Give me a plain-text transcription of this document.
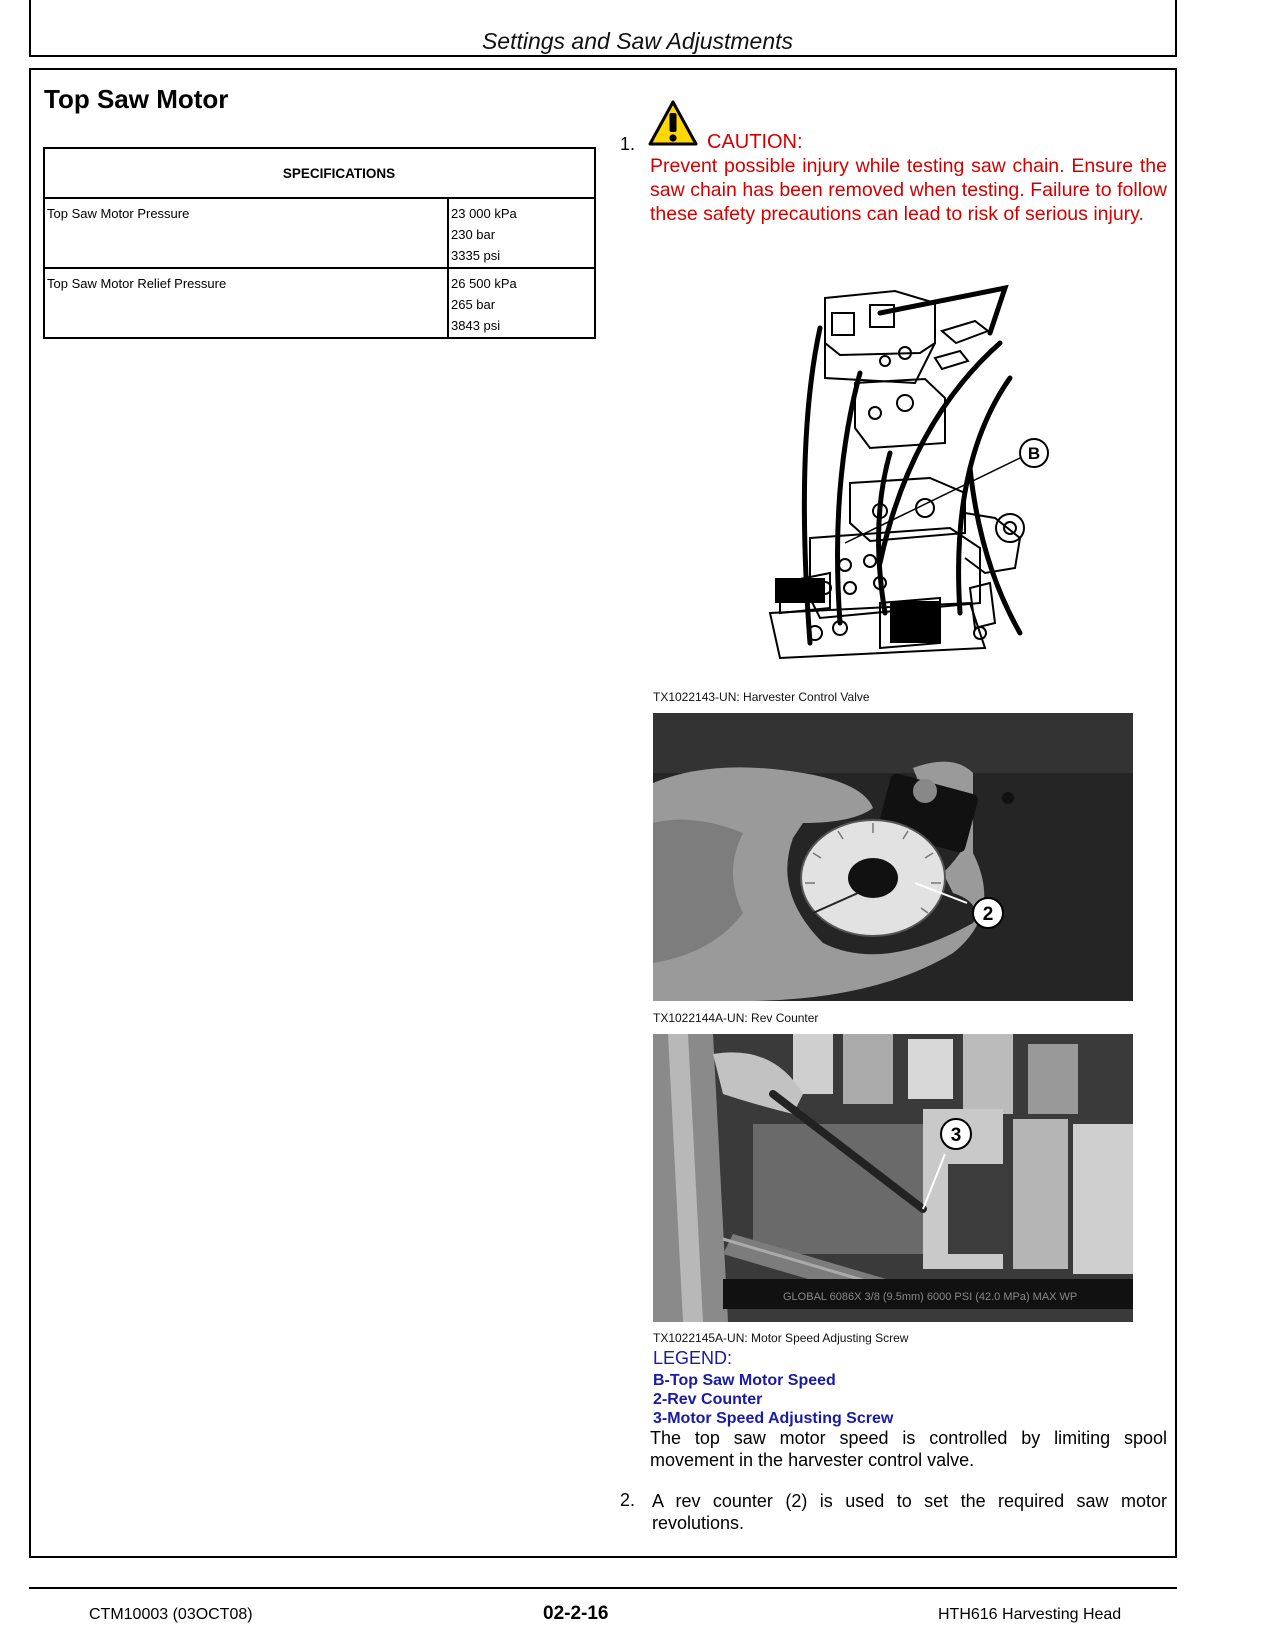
Settings and Saw Adjustments
Top Saw Motor
SPECIFICATIONS	
Top Saw Motor Pressure	23 000 kPa
230 bar
3335 psi

Top Saw Motor Relief Pressure	26 500 kPa
265 bar
3843 psi
1.	CAUTION:
Prevent possible injury while testing saw chain. Ensure the saw chain has been removed when testing. Failure to follow these safety precautions can lead to risk of serious injury.
B
TX1022143-UN: Harvester Control Valve
2
TX1022144A-UN: Rev Counter
GLOBAL 6086X 3/8 (9.5mm) 6000 PSI (42.0 MPa) MAX WP
3
TX1022145A-UN: Motor Speed Adjusting Screw
LEGEND:
B-Top Saw Motor Speed
2-Rev Counter
3-Motor Speed Adjusting Screw
The top saw motor speed is controlled by limiting spool movement in the harvester control valve.
2. A rev counter (2) is used to set the required saw motor revolutions.
CTM10003 (03OCT08)	02-2-16	HTH616 Harvesting Head
